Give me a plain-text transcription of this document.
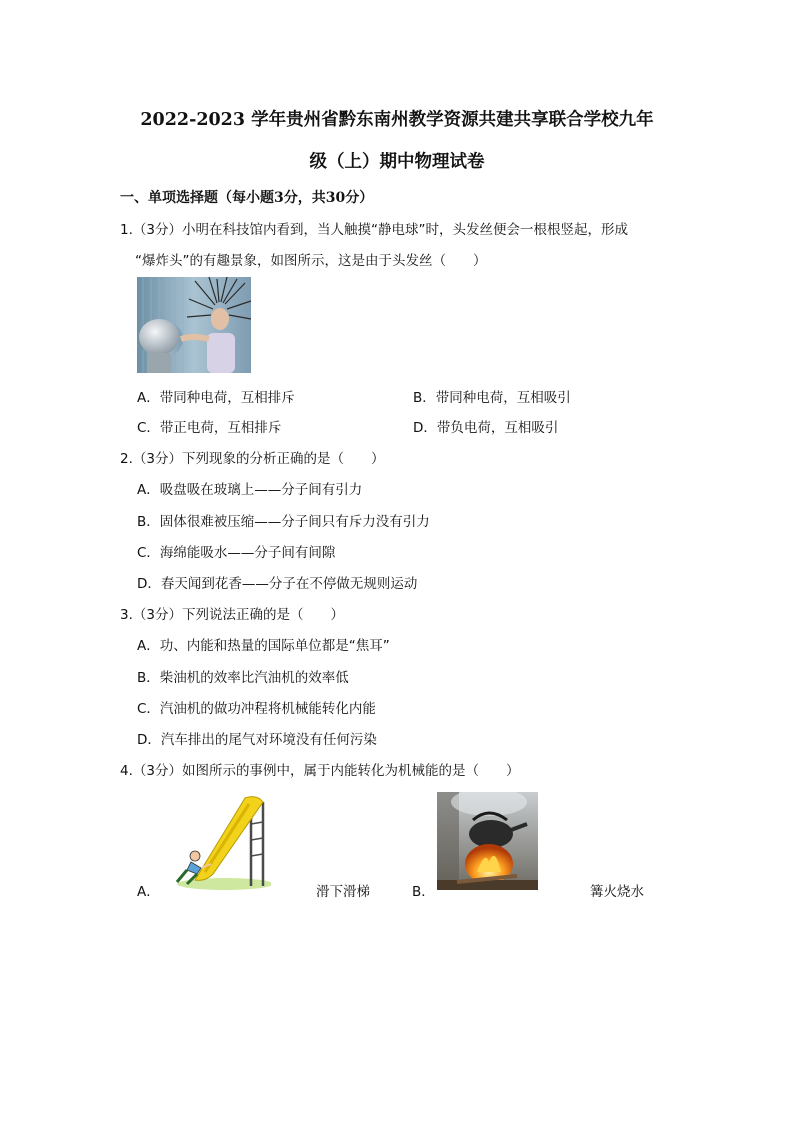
2022-2023 学年贵州省黔东南州教学资源共建共享联合学校九年
级（上）期中物理试卷
一、单项选择题（每小题3分，共30分）
1.（3分）小明在科技馆内看到，当人触摸“静电球”时，头发丝便会一根根竖起，形成
“爆炸头”的有趣景象，如图所示，这是由于头发丝（　　）
A．带同种电荷，互相排斥	B．带同种电荷，互相吸引
C．带正电荷，互相排斥	D．带负电荷，互相吸引
2.（3分）下列现象的分析正确的是（　　）
A．吸盘吸在玻璃上——分子间有引力
B．固体很难被压缩——分子间只有斥力没有引力
C．海绵能吸水——分子间有间隙
D．春天闻到花香——分子在不停做无规则运动
3.（3分）下列说法正确的是（　　）
A．功、内能和热量的国际单位都是“焦耳”
B．柴油机的效率比汽油机的效率低
C．汽油机的做功冲程将机械能转化内能
D．汽车排出的尾气对环境没有任何污染
4.（3分）如图所示的事例中，属于内能转化为机械能的是（　　）
A．	滑下滑梯	B．	篝火烧水
